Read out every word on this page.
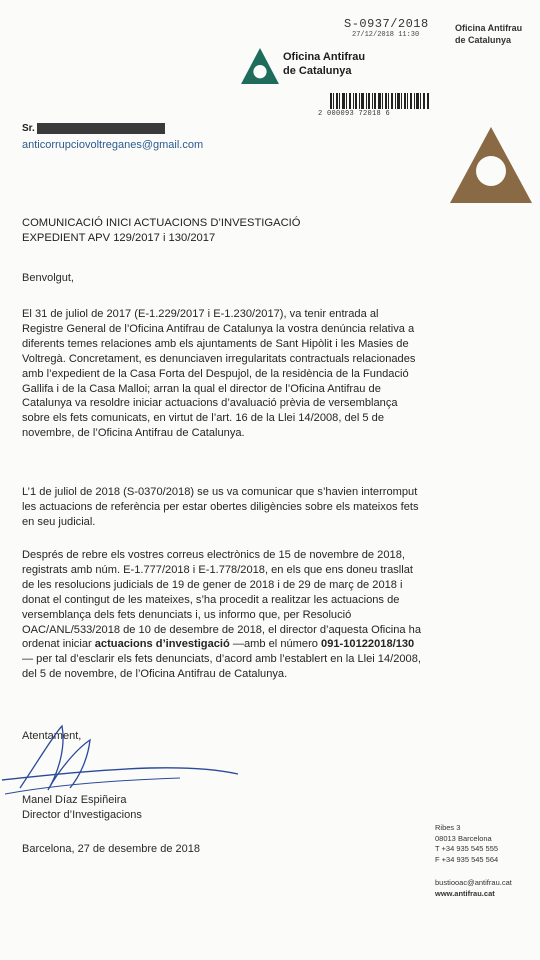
S-0937/2018
27/12/2018 11:30
Oficina Antifrau
de Catalunya
2 000093 72018 6
Oficina Antifrau
de Catalunya
Sr.
anticorrupciovoltreganes@gmail.com
COMUNICACIÓ INICI ACTUACIONS D’INVESTIGACIÓ
EXPEDIENT APV 129/2017 i 130/2017
Benvolgut,

El 31 de juliol de 2017 (E-1.229/2017 i E-1.230/2017), va tenir entrada al Registre General de l’Oficina Antifrau de Catalunya la vostra denúncia relativa a diferents temes relaciones amb els ajuntaments de Sant Hipòlit i les Masies de Voltregà. Concretament, es denunciaven irregularitats contractuals relacionades amb l’expedient de la Casa Forta del Despujol, de la residència de la Fundació Gallifa i de la Casa Malloi; arran la qual el director de l’Oficina Antifrau de Catalunya va resoldre iniciar actuacions d’avaluació prèvia de versemblança sobre els fets comunicats, en virtut de l’art. 16 de la Llei 14/2008, del 5 de novembre, de l’Oficina Antifrau de Catalunya.

L’1 de juliol de 2018 (S-0370/2018) se us va comunicar que s’havien interromput les actuacions de referència per estar obertes diligències sobre els mateixos fets en seu judicial.

Després de rebre els vostres correus electrònics de 15 de novembre de 2018, registrats amb núm. E-1.777/2018 i E-1.778/2018, en els que ens doneu trasllat de les resolucions judicials de 19 de gener de 2018 i de 29 de març de 2018 i donat el contingut de les mateixes, s’ha procedit a realitzar les actuacions de versemblança dels fets denunciats i, us informo que, per Resolució OAC/ANL/533/2018 de 10 de desembre de 2018, el director d’aquesta Oficina ha ordenat iniciar actuacions d’investigació —amb el número 091-10122018/130— per tal d’esclarir els fets denunciats, d’acord amb l’establert en la Llei 14/2008, del 5 de novembre, de l’Oficina Antifrau de Catalunya.

Atentament,
Manel Díaz Espiñeira
Director d’Investigacions
Barcelona, 27 de desembre de 2018
Ribes 3
08013 Barcelona
T +34 935 545 555
F +34 935 545 564
bustiooac@antifrau.cat
www.antifrau.cat
